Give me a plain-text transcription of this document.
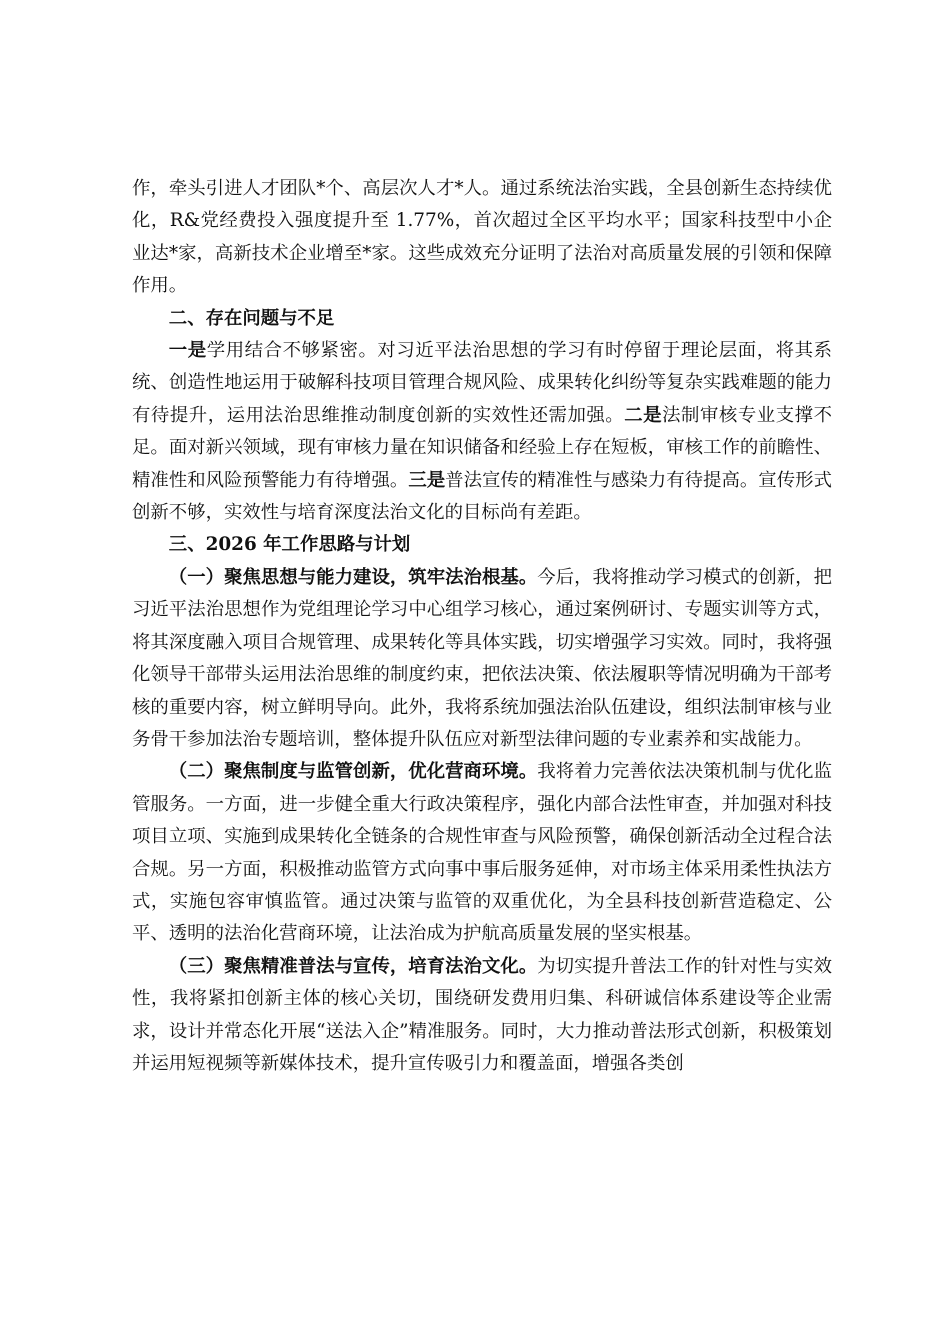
作，牵头引进人才团队*个、高层次人才*人。通过系统法治实践，全县创新生态持续优化，R&党经费投入强度提升至 1.77%，首次超过全区平均水平；国家科技型中小企业达*家，高新技术企业增至*家。这些成效充分证明了法治对高质量发展的引领和保障作用。

二、存在问题与不足

一是学用结合不够紧密。对习近平法治思想的学习有时停留于理论层面，将其系统、创造性地运用于破解科技项目管理合规风险、成果转化纠纷等复杂实践难题的能力有待提升，运用法治思维推动制度创新的实效性还需加强。二是法制审核专业支撑不足。面对新兴领域，现有审核力量在知识储备和经验上存在短板，审核工作的前瞻性、精准性和风险预警能力有待增强。三是普法宣传的精准性与感染力有待提高。宣传形式创新不够，实效性与培育深度法治文化的目标尚有差距。

三、2026 年工作思路与计划

（一）聚焦思想与能力建设，筑牢法治根基。今后，我将推动学习模式的创新，把习近平法治思想作为党组理论学习中心组学习核心，通过案例研讨、专题实训等方式，将其深度融入项目合规管理、成果转化等具体实践，切实增强学习实效。同时，我将强化领导干部带头运用法治思维的制度约束，把依法决策、依法履职等情况明确为干部考核的重要内容，树立鲜明导向。此外，我将系统加强法治队伍建设，组织法制审核与业务骨干参加法治专题培训，整体提升队伍应对新型法律问题的专业素养和实战能力。

（二）聚焦制度与监管创新，优化营商环境。我将着力完善依法决策机制与优化监管服务。一方面，进一步健全重大行政决策程序，强化内部合法性审查，并加强对科技项目立项、实施到成果转化全链条的合规性审查与风险预警，确保创新活动全过程合法合规。另一方面，积极推动监管方式向事中事后服务延伸，对市场主体采用柔性执法方式，实施包容审慎监管。通过决策与监管的双重优化，为全县科技创新营造稳定、公平、透明的法治化营商环境，让法治成为护航高质量发展的坚实根基。

（三）聚焦精准普法与宣传，培育法治文化。为切实提升普法工作的针对性与实效性，我将紧扣创新主体的核心关切，围绕研发费用归集、科研诚信体系建设等企业需求，设计并常态化开展“送法入企”精准服务。同时，大力推动普法形式创新，积极策划并运用短视频等新媒体技术，提升宣传吸引力和覆盖面，增强各类创
